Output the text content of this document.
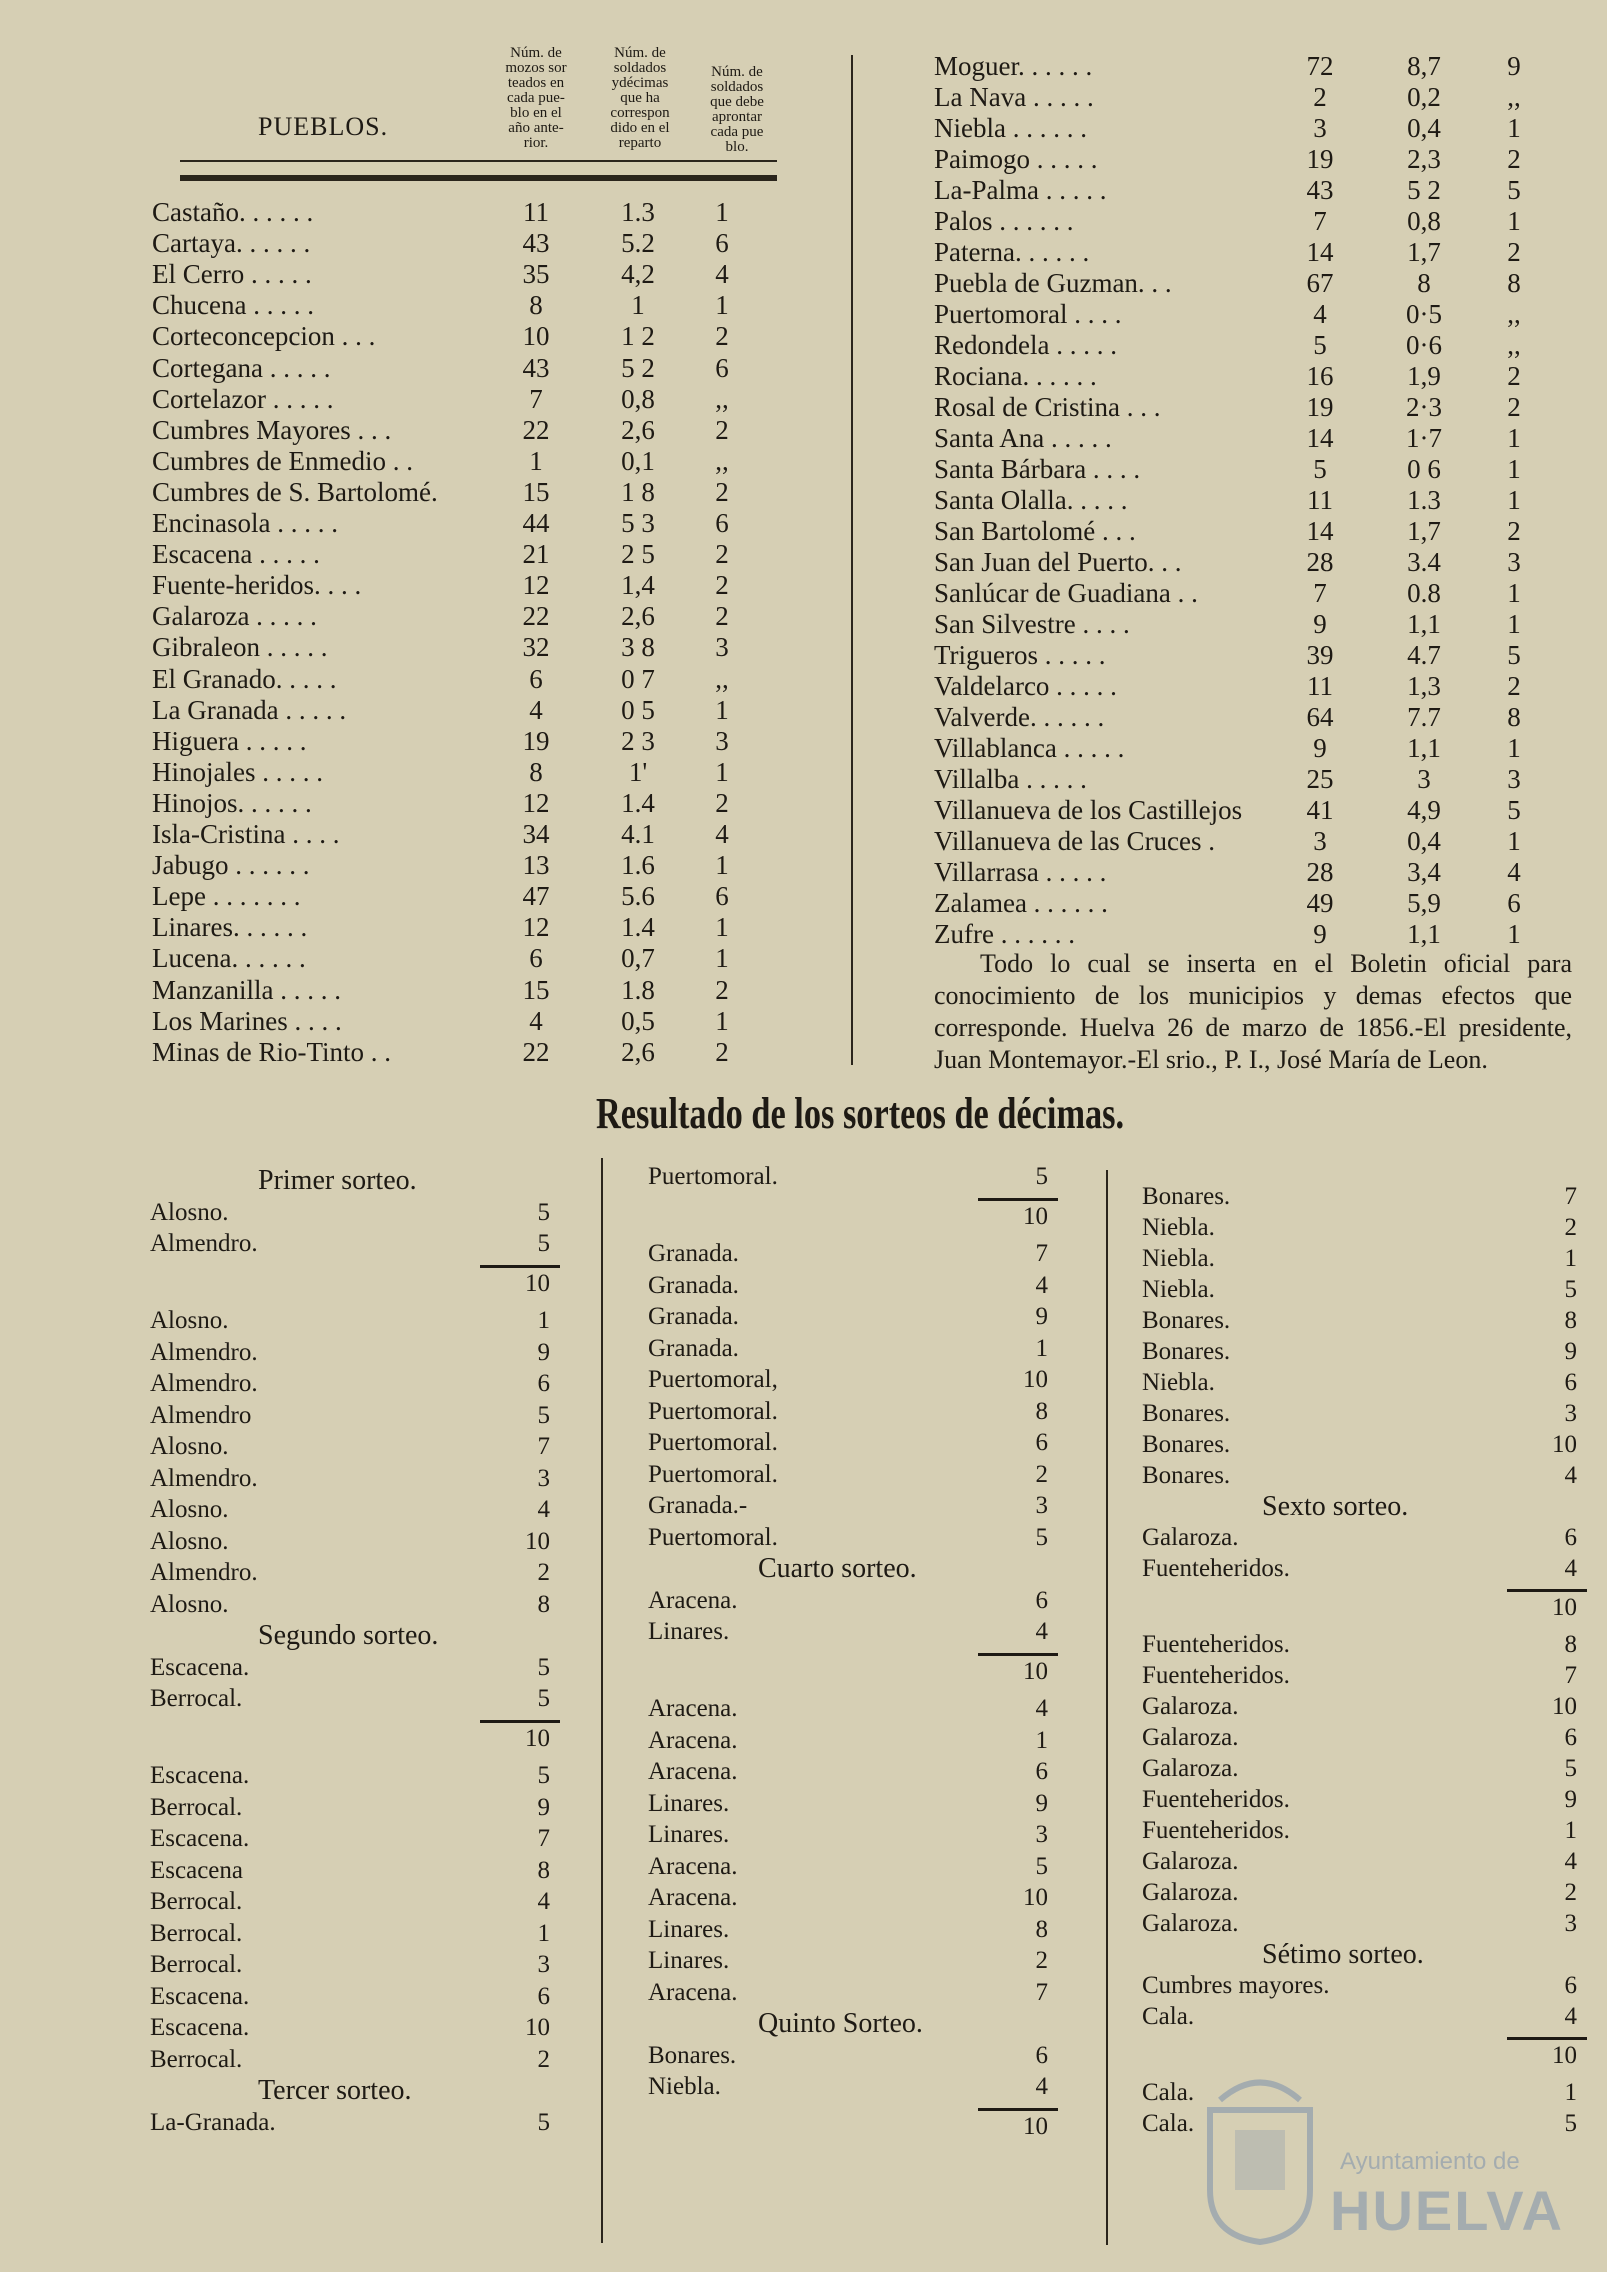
PUEBLOS.
Núm. de
mozos sor
teados en
cada pue-
blo en el
año ante-
rior.
Núm. de
soldados
ydécimas
que ha
correspon
dido en el
reparto
Núm. de
soldados
que debe
aprontar
cada pue
blo.
Castaño. . . . . .	11	1.3	1
Cartaya. . . . . .	43	5.2	6
El Cerro . . . . .	35	4,2	4
Chucena . . . . .	8	1	1
Corteconcepcion . . .	10	1 2	2
Cortegana . . . . .	43	5 2	6
Cortelazor . . . . .	7	0,8	,,
Cumbres Mayores . . .	22	2,6	2
Cumbres de Enmedio . .	1	0,1	,,
Cumbres de S. Bartolomé.	15	1 8	2
Encinasola . . . . .	44	5 3	6
Escacena . . . . .	21	2 5	2
Fuente-heridos. . . .	12	1,4	2
Galaroza . . . . .	22	2,6	2
Gibraleon . . . . .	32	3 8	3
El Granado. . . . .	6	0 7	,,
La Granada . . . . .	4	0 5	1
Higuera . . . . .	19	2 3	3
Hinojales . . . . .	8	1'	1
Hinojos. . . . . .	12	1.4	2
Isla-Cristina . . . .	34	4.1	4
Jabugo . . . . . .	13	1.6	1
Lepe . . . . . . .	47	5.6	6
Linares. . . . . .	12	1.4	1
Lucena. . . . . .	6	0,7	1
Manzanilla . . . . .	15	1.8	2
Los Marines . . . .	4	0,5	1
Minas de Rio-Tinto . .	22	2,6	2
Moguer. . . . . .	72	8,7	9
La Nava . . . . .	2	0,2	,,
Niebla . . . . . .	3	0,4	1
Paimogo . . . . .	19	2,3	2
La-Palma . . . . .	43	5 2	5
Palos . . . . . .	7	0,8	1
Paterna. . . . . .	14	1,7	2
Puebla de Guzman. . .	67	8	8
Puertomoral . . . .	4	0·5	,,
Redondela . . . . .	5	0·6	,,
Rociana. . . . . .	16	1,9	2
Rosal de Cristina . . .	19	2·3	2
Santa Ana . . . . .	14	1·7	1
Santa Bárbara . . . .	5	0 6	1
Santa Olalla. . . . .	11	1.3	1
San Bartolomé . . .	14	1,7	2
San Juan del Puerto. . .	28	3.4	3
Sanlúcar de Guadiana . .	7	0.8	1
San Silvestre . . . .	9	1,1	1
Trigueros . . . . .	39	4.7	5
Valdelarco . . . . .	11	1,3	2
Valverde. . . . . .	64	7.7	8
Villablanca . . . . .	9	1,1	1
Villalba . . . . .	25	3	3
Villanueva de los Castillejos	41	4,9	5
Villanueva de las Cruces .	3	0,4	1
Villarrasa . . . . .	28	3,4	4
Zalamea . . . . . .	49	5,9	6
Zufre . . . . . .	9	1,1	1
Todo lo cual se inserta en el Boletin oficial para conocimiento de los municipios y demas efectos que corresponde. Huelva 26 de marzo de 1856.-El presidente, Juan Montemayor.-El srio., P. I., José María de Leon.
Resultado de los sorteos de décimas.
Primer sorteo.
Alosno.	5
Almendro.	5
10
Alosno.	1
Almendro.	9
Almendro.	6
Almendro	5
Alosno.	7
Almendro.	3
Alosno.	4
Alosno.	10
Almendro.	2
Alosno.	8
Segundo sorteo.
Escacena.	5
Berrocal.	5
10
Escacena.	5
Berrocal.	9
Escacena.	7
Escacena	8
Berrocal.	4
Berrocal.	1
Berrocal.	3
Escacena.	6
Escacena.	10
Berrocal.	2
Tercer sorteo.
La-Granada.	5
Puertomoral.	5
10
Granada.	7
Granada.	4
Granada.	9
Granada.	1
Puertomoral,	10
Puertomoral.	8
Puertomoral.	6
Puertomoral.	2
Granada.-	3
Puertomoral.	5
Cuarto sorteo.
Aracena.	6
Linares.	4
10
Aracena.	4
Aracena.	1
Aracena.	6
Linares.	9
Linares.	3
Aracena.	5
Aracena.	10
Linares.	8
Linares.	2
Aracena.	7
Quinto Sorteo.
Bonares.	6
Niebla.	4
10
Bonares.	7
Niebla.	2
Niebla.	1
Niebla.	5
Bonares.	8
Bonares.	9
Niebla.	6
Bonares.	3
Bonares.	10
Bonares.	4
Sexto sorteo.
Galaroza.	6
Fuenteheridos.	4
10
Fuenteheridos.	8
Fuenteheridos.	7
Galaroza.	10
Galaroza.	6
Galaroza.	5
Fuenteheridos.	9
Fuenteheridos.	1
Galaroza.	4
Galaroza.	2
Galaroza.	3
Sétimo sorteo.
Cumbres mayores.	6
Cala.	4
10
Cala.	1
Cala.	5
Ayuntamiento de
HUELVA
